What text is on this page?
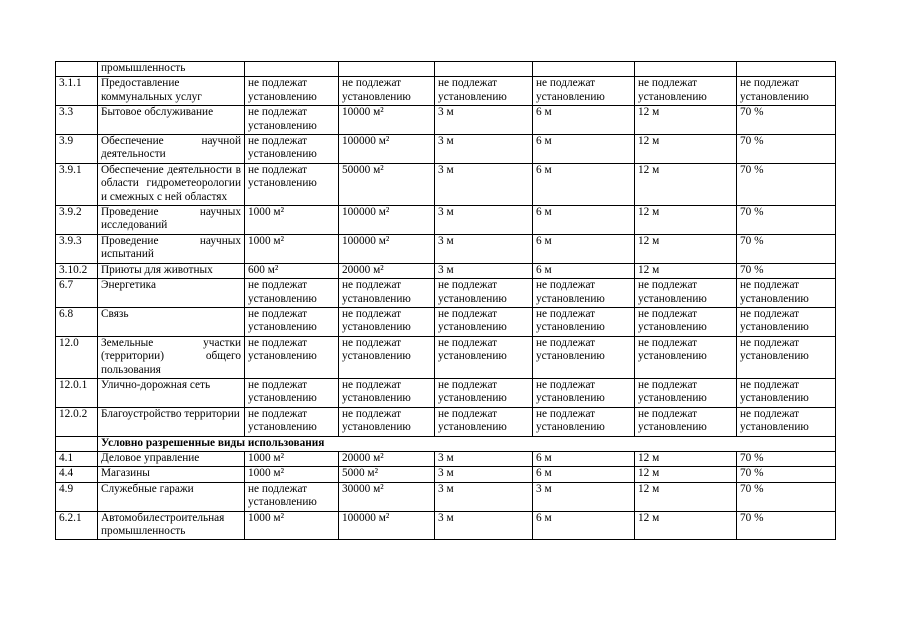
	промышленность						
3.1.1	Предоставление коммунальных услуг	не подлежат установлению	не подлежат установлению	не подлежат установлению	не подлежат установлению	не подлежат установлению	не подлежат установлению
3.3	Бытовое обслуживание	не подлежат установлению	10000 м²	3 м	6 м	12 м	70 %
3.9	Обеспечение научной деятельности	не подлежат установлению	100000 м²	3 м	6 м	12 м	70 %
3.9.1	Обеспечение деятельности в области гидрометеорологии и смежных с ней областях	не подлежат установлению	50000 м²	3 м	6 м	12 м	70 %
3.9.2	Проведение научных исследований	1000 м²	100000 м²	3 м	6 м	12 м	70 %
3.9.3	Проведение научных испытаний	1000 м²	100000 м²	3 м	6 м	12 м	70 %
3.10.2	Приюты для животных	600 м²	20000 м²	3 м	6 м	12 м	70 %
6.7	Энергетика	не подлежат установлению	не подлежат установлению	не подлежат установлению	не подлежат установлению	не подлежат установлению	не подлежат установлению
6.8	Связь	не подлежат установлению	не подлежат установлению	не подлежат установлению	не подлежат установлению	не подлежат установлению	не подлежат установлению
12.0	Земельные участки (территории) общего пользования	не подлежат установлению	не подлежат установлению	не подлежат установлению	не подлежат установлению	не подлежат установлению	не подлежат установлению
12.0.1	Улично-дорожная сеть	не подлежат установлению	не подлежат установлению	не подлежат установлению	не подлежат установлению	не подлежат установлению	не подлежат установлению
12.0.2	Благоустройство территории	не подлежат установлению	не подлежат установлению	не подлежат установлению	не подлежат установлению	не подлежат установлению	не подлежат установлению
	Условно разрешенные виды использования						
4.1	Деловое управление	1000 м²	20000 м²	3 м	6 м	12 м	70 %
4.4	Магазины	1000 м²	5000 м²	3 м	6 м	12 м	70 %
4.9	Служебные гаражи	не подлежат установлению	30000 м²	3 м	3 м	12 м	70 %
6.2.1	Автомобилестроительная промышленность	1000 м²	100000 м²	3 м	6 м	12 м	70 %
